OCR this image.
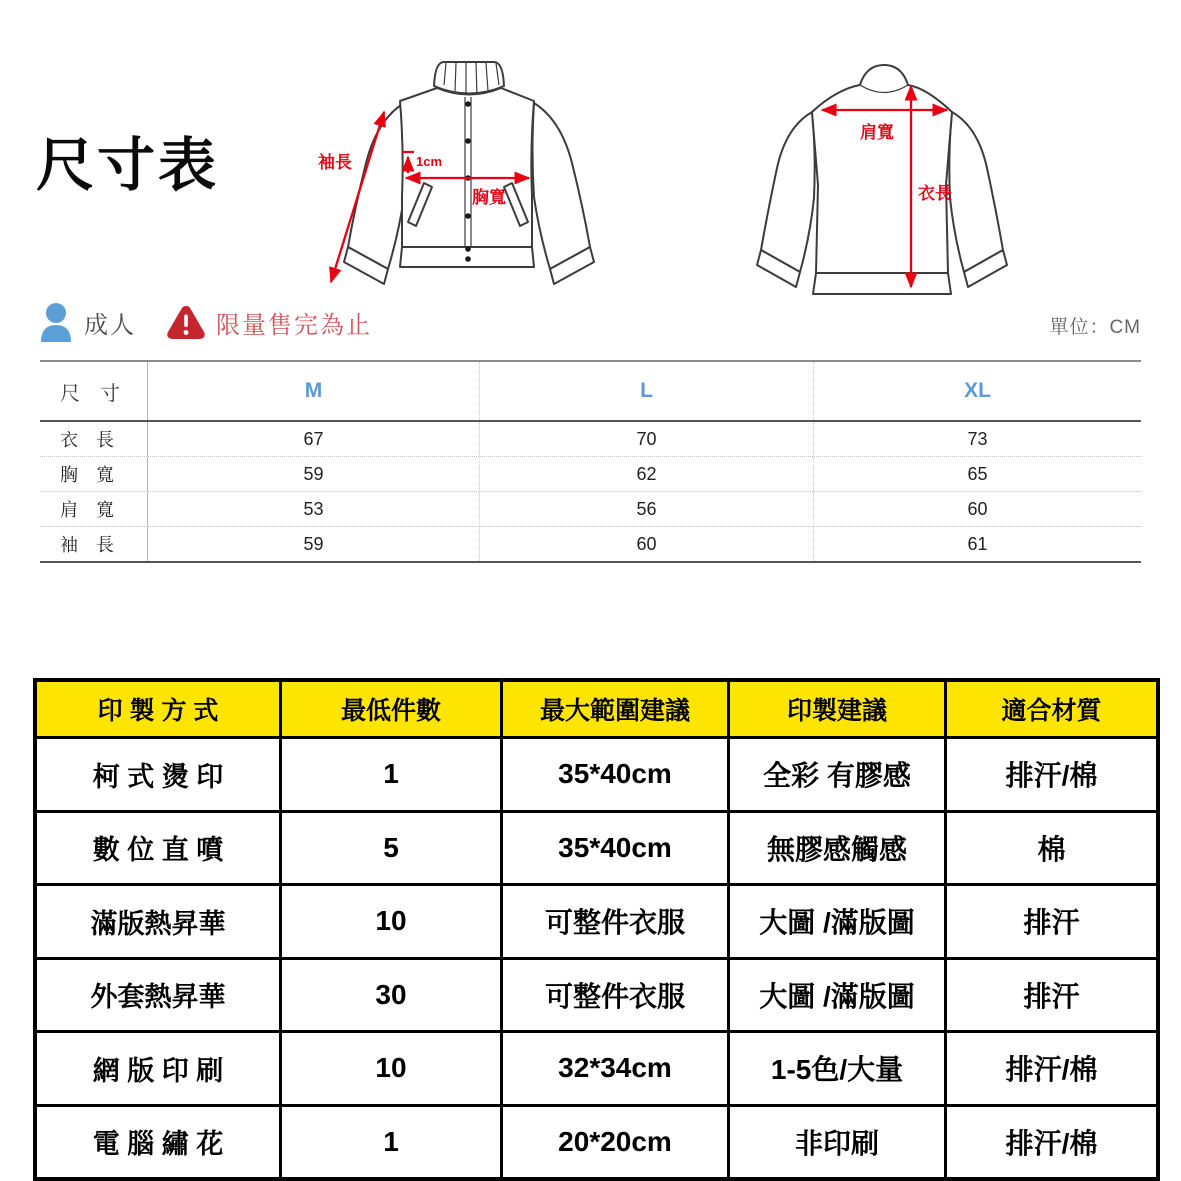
尺寸表	袖長	1cm
胸寬
肩寬
衣長
成人	限量售完為止	單位：CM
尺　寸	M	L	XL
衣　長	67	70	73
胸　寬	59	62	65
肩　寬	53	56	60
袖　長	59	60	61
印 製 方 式	最低件數	最大範圍建議	印製建議	適合材質
柯 式 燙 印	1	35*40cm	全彩 有膠感	排汗/棉
數 位 直 噴	5	35*40cm	無膠感觸感	棉
滿版熱昇華	10	可整件衣服	大圖 /滿版圖	排汗
外套熱昇華	30	可整件衣服	大圖 /滿版圖	排汗
網 版 印 刷	10	32*34cm	1-5色/大量	排汗/棉
電 腦 繡 花	1	20*20cm	非印刷	排汗/棉
